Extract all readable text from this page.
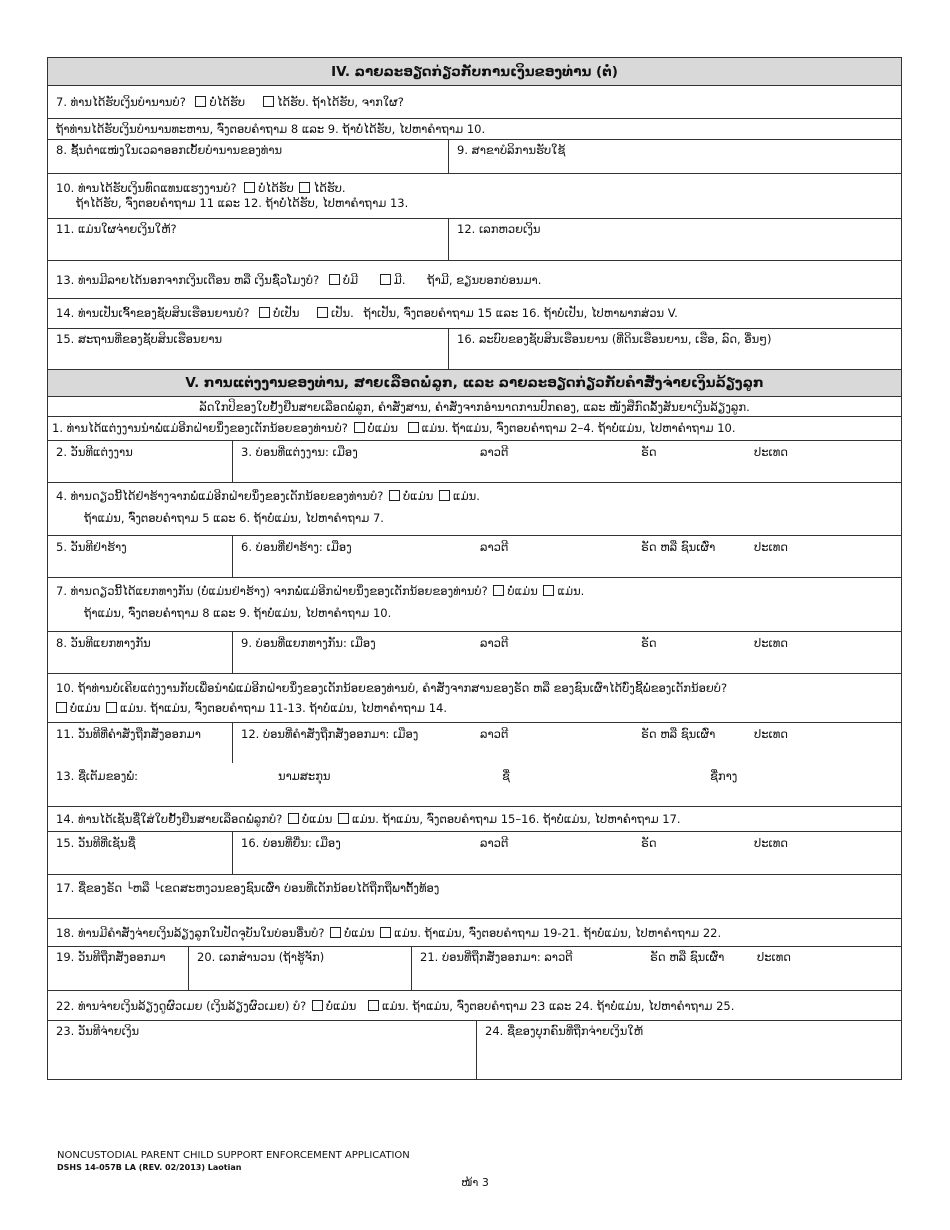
IV. ລາຍລະອຽດກ່ຽວກັບການເງິນຂອງທ່ານ (ຕໍ່)
7. ທ່ານໄດ້ຮັບເງິນບໍານານບໍ? ບໍ່ໄດ້ຮັບ	ໄດ້ຮັບ. ຖ້າໄດ້ຮັບ, ຈາກໃຜ?
ຖ້າທ່ານໄດ້ຮັບເງິນບໍານານທະຫານ, ຈົ່ງຕອບຄໍາຖາມ 8 ແລະ 9. ຖ້າບໍ່ໄດ້ຮັບ, ໄປຫາຄໍາຖາມ 10.
8. ຊັ້ນຕໍາແໜ່ງໃນເວລາອອກເບັ້ຍບໍານານຂອງທ່ານ	9. ສາຂາບໍລິການຮັບໃຊ້
10. ທ່ານໄດ້ຮັບເງິນທົດແທນແຮງງານບໍ? ບໍ່ໄດ້ຮັບ ໄດ້ຮັບ.
ຖ້າໄດ້ຮັບ, ຈົ່ງຕອບຄໍາຖາມ 11 ແລະ 12. ຖ້າບໍ່ໄດ້ຮັບ, ໄປຫາຄໍາຖາມ 13.
11. ແມ່ນໃຜຈ່າຍເງິນໃຫ້?	12. ເລກຫວຍເງິນ
13. ທ່ານມີລາຍໄດ້ນອກຈາກເງິນເດືອນ ຫລື ເງິນຊົ່ວໂມງບໍ? ບໍ່ມີ	ມີ. ຖ້າມີ, ຂຽນບອກບ່ອນມາ.
14. ທ່ານເປັນເຈົ້າຂອງຊັບສິນເຮືອນຍານບໍ? ບໍ່ເປັນ	ເປັນ. ຖ້າເປັນ, ຈົ່ງຕອບຄໍາຖາມ 15 ແລະ 16. ຖ້າບໍ່ເປັນ, ໄປຫາພາກສ່ວນ V.
15. ສະຖານທີ່ຂອງຊັບສິນເຮືອນຍານ	16. ລະບົບຂອງຊັບສິນເຮືອນຍານ (ທີ່ດິນເຮືອນຍານ, ເຮືອ, ລົດ, ອື່ນໆ)
V. ການແຕ່ງງານຂອງທ່ານ, ສາຍເລືອດພໍ່ລູກ, ແລະ ລາຍລະອຽດກ່ຽວກັບຄໍາສັ່ງຈ່າຍເງິນລ້ຽງລູກ
ລັດໃກປິຂອງໃບຢັ້ງຢືນສາຍເລືອດພໍ່ລູກ, ຄໍາສັ່ງສານ, ຄໍາສັ່ງຈາກອໍານາດການປົກຄອງ, ແລະ ໜັງສືກົດລັ້ງສັນຍາເງິນລ້ຽງລູກ.
1. ທ່ານໄດ້ແຕ່ງງານນໍາພໍ່ແມ່ອີກຝ່າຍນຶ່ງຂອງເດັກນ້ອຍຂອງທ່ານບໍ? ບໍ່ແມ່ນ ແມ່ນ. ຖ້າແມ່ນ, ຈົ່ງຕອບຄໍາຖາມ 2–4. ຖ້າບໍ່ແມ່ນ, ໄປຫາຄໍາຖາມ 10.
2. ວັນທີແຕ່ງງານ	3. ບ່ອນທີ່ແຕ່ງງານ: ເມືອງ	ລາວຕີ	ຣັດ	ປະເທດ
4. ທ່ານດຽວນີ້ໄດ້ຢ່າຮ້າງຈາກພໍ່ແມ່ອີກຝ່າຍນຶ່ງຂອງເດັກນ້ອຍຂອງທ່ານບໍ? ບໍ່ແມ່ນ ແມ່ນ.
ຖ້າແມ່ນ, ຈົ່ງຕອບຄໍາຖາມ 5 ແລະ 6. ຖ້າບໍ່ແມ່ນ, ໄປຫາຄໍາຖາມ 7.
5. ວັນທີຢ່າຮ້າງ	6. ບ່ອນທີ່ຢ່າຮ້າງ: ເມືອງ	ລາວຕີ	ຣັດ ຫລື ຊົນເຜົ່າ	ປະເທດ
7. ທ່ານດຽວນີ້ໄດ້ແຍກທາງກັນ (ບໍ່ແມ່ນຢ່າຮ້າງ) ຈາກພໍ່ແມ່ອີກຝ່າຍນຶ່ງຂອງເດັກນ້ອຍຂອງທ່ານບໍ? ບໍ່ແມ່ນ ແມ່ນ.
ຖ້າແມ່ນ, ຈົ່ງຕອບຄໍາຖາມ 8 ແລະ 9. ຖ້າບໍ່ແມ່ນ, ໄປຫາຄໍາຖາມ 10.
8. ວັນທີແຍກທາງກັນ	9. ບ່ອນທີ່ແຍກທາງກັນ: ເມືອງ	ລາວຕີ	ຣັດ	ປະເທດ
10. ຖ້າທ່ານບໍ່ເຄີຍແຕ່ງງານກັບເພື່ອນໍາພໍ່ແມ່ອີກຝ່າຍນຶ່ງຂອງເດັກນ້ອຍຂອງທ່ານບໍ, ຄໍາສັ່ງຈາກສານຂອງຣັດ ຫລື ຂອງຊົນເຜົ່າໄດ້ບົ່ງຊີ້ພໍ່ຂອງເດັກນ້ອຍບໍ?
ບໍ່ແມ່ນ ແມ່ນ. ຖ້າແມ່ນ, ຈົ່ງຕອບຄໍາຖາມ 11-13. ຖ້າບໍ່ແມ່ນ, ໄປຫາຄໍາຖາມ 14.
11. ວັນທີທີ່ຄໍາສັ່ງຖືກສັ່ງອອກມາ	12. ບ່ອນທີ່ຄໍາສັ່ງຖືກສັ່ງອອກມາ: ເມືອງ	ລາວຕີ	ຣັດ ຫລື ຊົນເຜົ່າ	ປະເທດ
13. ຊື່ເຕັມຂອງພໍ່:	ນາມສະກຸນ	ຊື່	ຊື່ກາງ
14. ທ່ານໄດ້ເຊັນຊື່ໃສ່ໃບຢັ້ງຢືນສາຍເລືອດພໍ່ລູກບໍ? ບໍ່ແມ່ນ ແມ່ນ. ຖ້າແມ່ນ, ຈົ່ງຕອບຄໍາຖາມ 15–16. ຖ້າບໍ່ແມ່ນ, ໄປຫາຄໍາຖາມ 17.
15. ວັນທີທີ່ເຊັນຊື່	16. ບ່ອນທີ່ຍື່ນ: ເມືອງ	ລາວຕີ	ຣັດ	ປະເທດ
17. ຊື່ຂອງຣັດ └ຫລື └ເຂດສະຫງວນຂອງຊົນເຜົ່າ ບ່ອນທີ່ເດັກນ້ອຍໄດ້ຖືກຖືພາຕັ້ງທ້ອງ
18. ທ່ານມີຄໍາສັ່ງຈ່າຍເງິນລ້ຽງລູກໃນປັດຈຸບັນໃນບ່ອນອື່ນບໍ? ບໍ່ແມ່ນ ແມ່ນ. ຖ້າແມ່ນ, ຈົ່ງຕອບຄໍາຖາມ 19-21. ຖ້າບໍ່ແມ່ນ, ໄປຫາຄໍາຖາມ 22.
19. ວັນທີຖືກສັ່ງອອກມາ	20. ເລກສໍານວນ (ຖ້າຮູ້ຈັກ)	21. ບ່ອນທີ່ຖືກສັ່ງອອກມາ: ລາວຕີ	ຣັດ ຫລື ຊົນເຜົ່າ	ປະເທດ
22. ທ່ານຈ່າຍເງິນລ້ຽງດູຜົວເມຍ (ເງິນລ້ຽງຜົວເມຍ) ບໍ? ບໍ່ແມ່ນ ແມ່ນ. ຖ້າແມ່ນ, ຈົ່ງຕອບຄໍາຖາມ 23 ແລະ 24. ຖ້າບໍ່ແມ່ນ, ໄປຫາຄໍາຖາມ 25.
23. ວັນທີຈ່າຍເງິນ	24. ຊື່ຂອງບຸກຄົນທີ່ຖືກຈ່າຍເງິນໃຫ້
NONCUSTODIAL PARENT CHILD SUPPORT ENFORCEMENT APPLICATION
DSHS 14-057B LA (REV. 02/2013) Laotian
ໜ້າ 3
